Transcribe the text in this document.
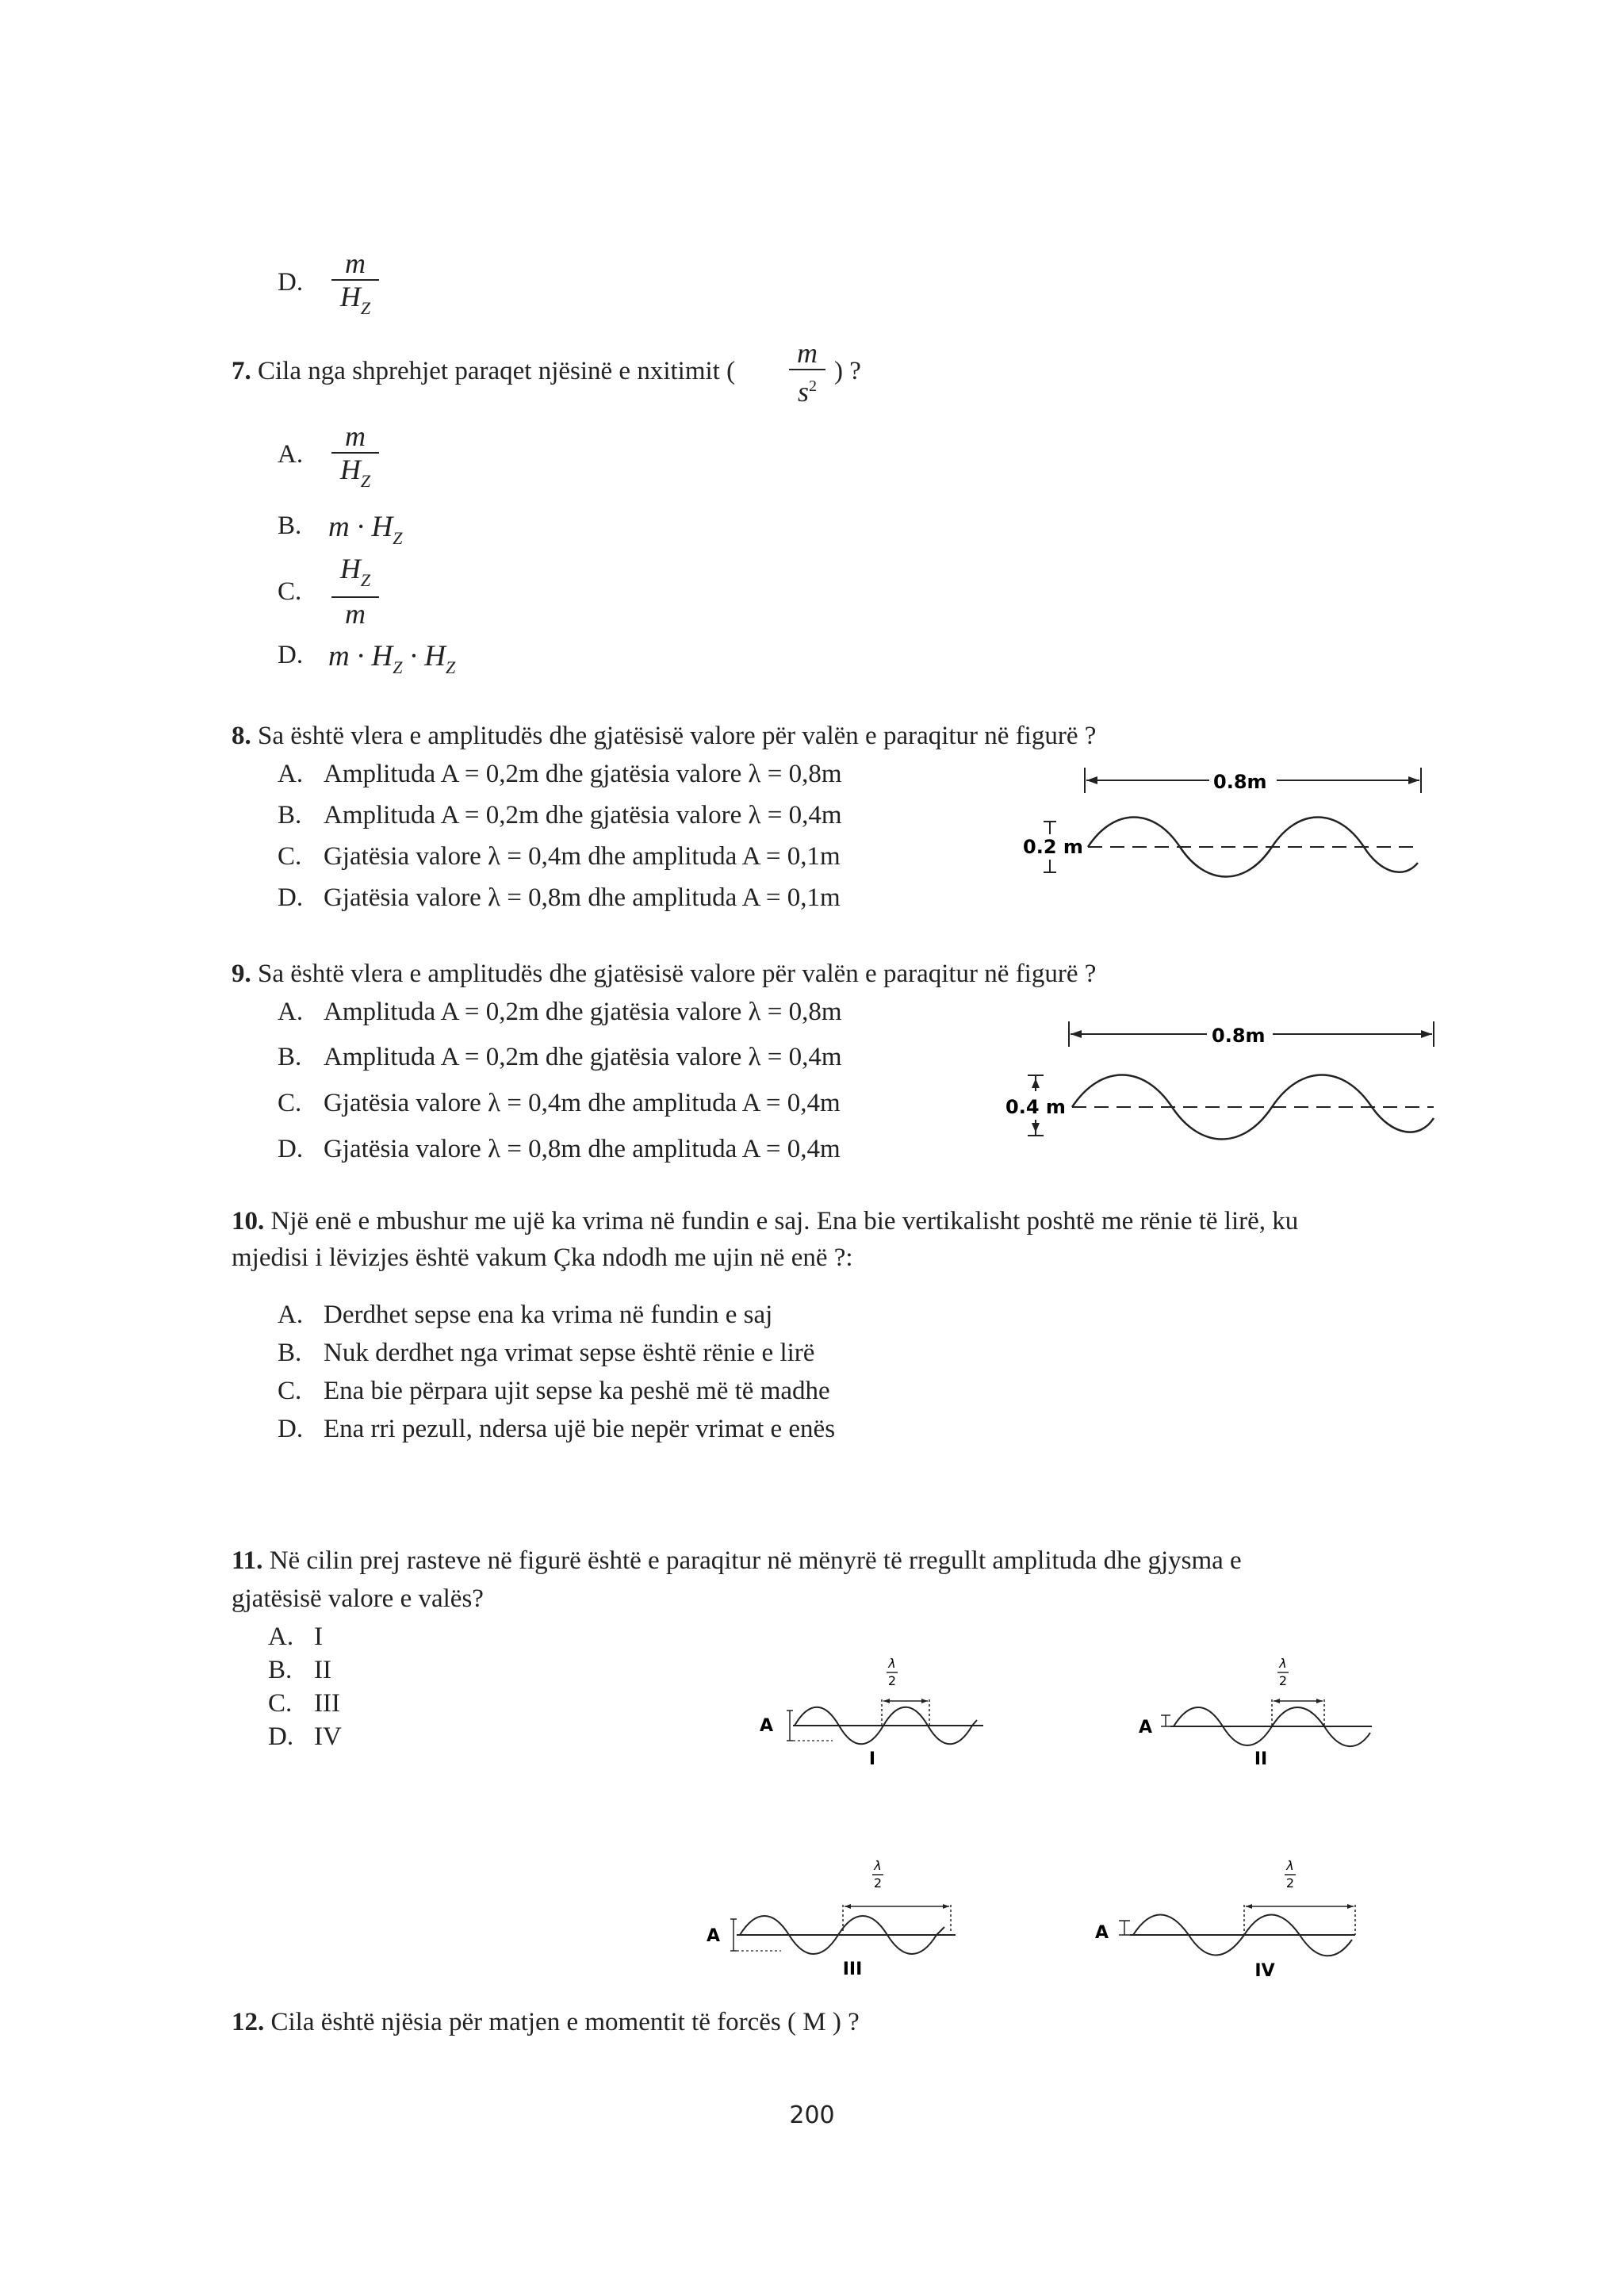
D.
m
$H_Z$
7. Cila nga shprehjet paraqet njësinë e nxitimit (
m
$s^2$
) ?
A.
m
$H_Z$
B. $m \cdot H_Z$
C.
$H_Z$
m
D. $m \cdot H_Z \cdot H_Z$
8. Sa është vlera e amplitudës dhe gjatësisë valore për valën e paraqitur në figurë ?
A. Amplituda A = 0,2m dhe gjatësia valore λ = 0,8m
B. Amplituda A = 0,2m dhe gjatësia valore λ = 0,4m
C. Gjatësia valore λ = 0,4m dhe amplituda A = 0,1m
D. Gjatësia valore λ = 0,8m dhe amplituda A = 0,1m
0.8m
0.2 m
9. Sa është vlera e amplitudës dhe gjatësisë valore për valën e paraqitur në figurë ?
A. Amplituda A = 0,2m dhe gjatësia valore λ = 0,8m
B. Amplituda A = 0,2m dhe gjatësia valore λ = 0,4m
C. Gjatësia valore λ = 0,4m dhe amplituda A = 0,4m
D. Gjatësia valore λ = 0,8m dhe amplituda A = 0,4m
0.8m
0.4 m
10. Një enë e mbushur me ujë ka vrima në fundin e saj. Ena bie vertikalisht poshtë me rënie të lirë, ku
mjedisi i lëvizjes është vakum Çka ndodh me ujin në enë ?:
A. Derdhet sepse ena ka vrima në fundin e saj
B. Nuk derdhet nga vrimat sepse është rënie e lirë
C. Ena bie përpara ujit sepse ka peshë më të madhe
D. Ena rri pezull, ndersa ujë bie nepër vrimat e enës
11. Në cilin prej rasteve në figurë është e paraqitur në mënyrë të rregullt amplituda dhe gjysma e
gjatësisë valore e valës?
A. I
B. II
C. III
D. IV
λ
2
A
I
λ
2
A
II
λ
2
A
III
λ
2
A
IV
12. Cila është njësia për matjen e momentit të forcës ( M ) ?
200
